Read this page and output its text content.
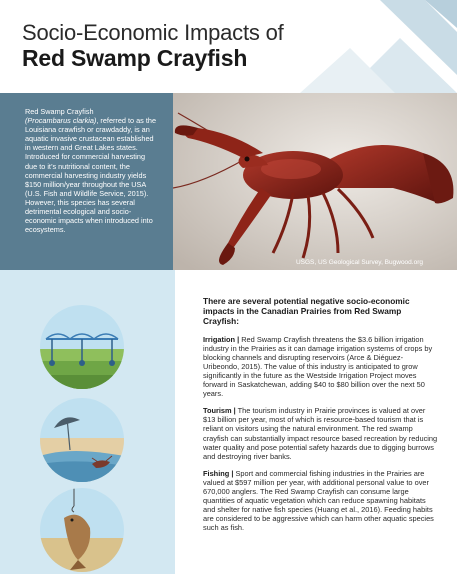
Socio-Economic Impacts of
Red Swamp Crayfish

Red Swamp Crayfish
(Procambarus clarkia), referred to as the Louisiana crawfish or crawdaddy, is an aquatic invasive crustacean established in western and Great Lakes states. Introduced for commercial harvesting due to it’s nutritional content, the commercial harvesting industry yields $150 million/year throughout the USA (U.S. Fish and Wildlife Service, 2015). However, this species has several detrimental ecological and socio-economic impacts when introduced into ecosystems.

USGS, US Geological Survey, Bugwood.org
There are several potential negative socio-economic impacts in the Canadian Prairies from Red Swamp Crayfish:
Irrigation | Red Swamp Crayfish threatens the $3.6 billion irrigation industry in the Prairies as it can damage irrigation systems of crops by blocking channels and disrupting reservoirs (Arce & Diéguez-Uribeondo, 2015). The value of this industry is anticipated to grow significantly in the future as the Westside Irrigation Project moves forward in Saskatchewan, adding $40 to $80 billion over the next 50 years.
Tourism | The tourism industry in Prairie provinces is valued at over $13 billion per year, most of which is resource-based tourism that is reliant on visitors using the natural environment. The red swamp crayfish can substantially impact resource based recreation by reducing water quality and pose potential safety hazards due to digging burrows and destroying river banks.
Fishing | Sport and commercial fishing industries in the Prairies are valued at $597 million per year, with additional personal value to over 670,000 anglers. The Red Swamp Crayfish can consume large quantities of aquatic vegetation which can reduce spawning habitats and shelter for native fish species (Huang et al., 2016). Feeding habits are considered to be aggressive which can harm other aquatic species such as fish.
